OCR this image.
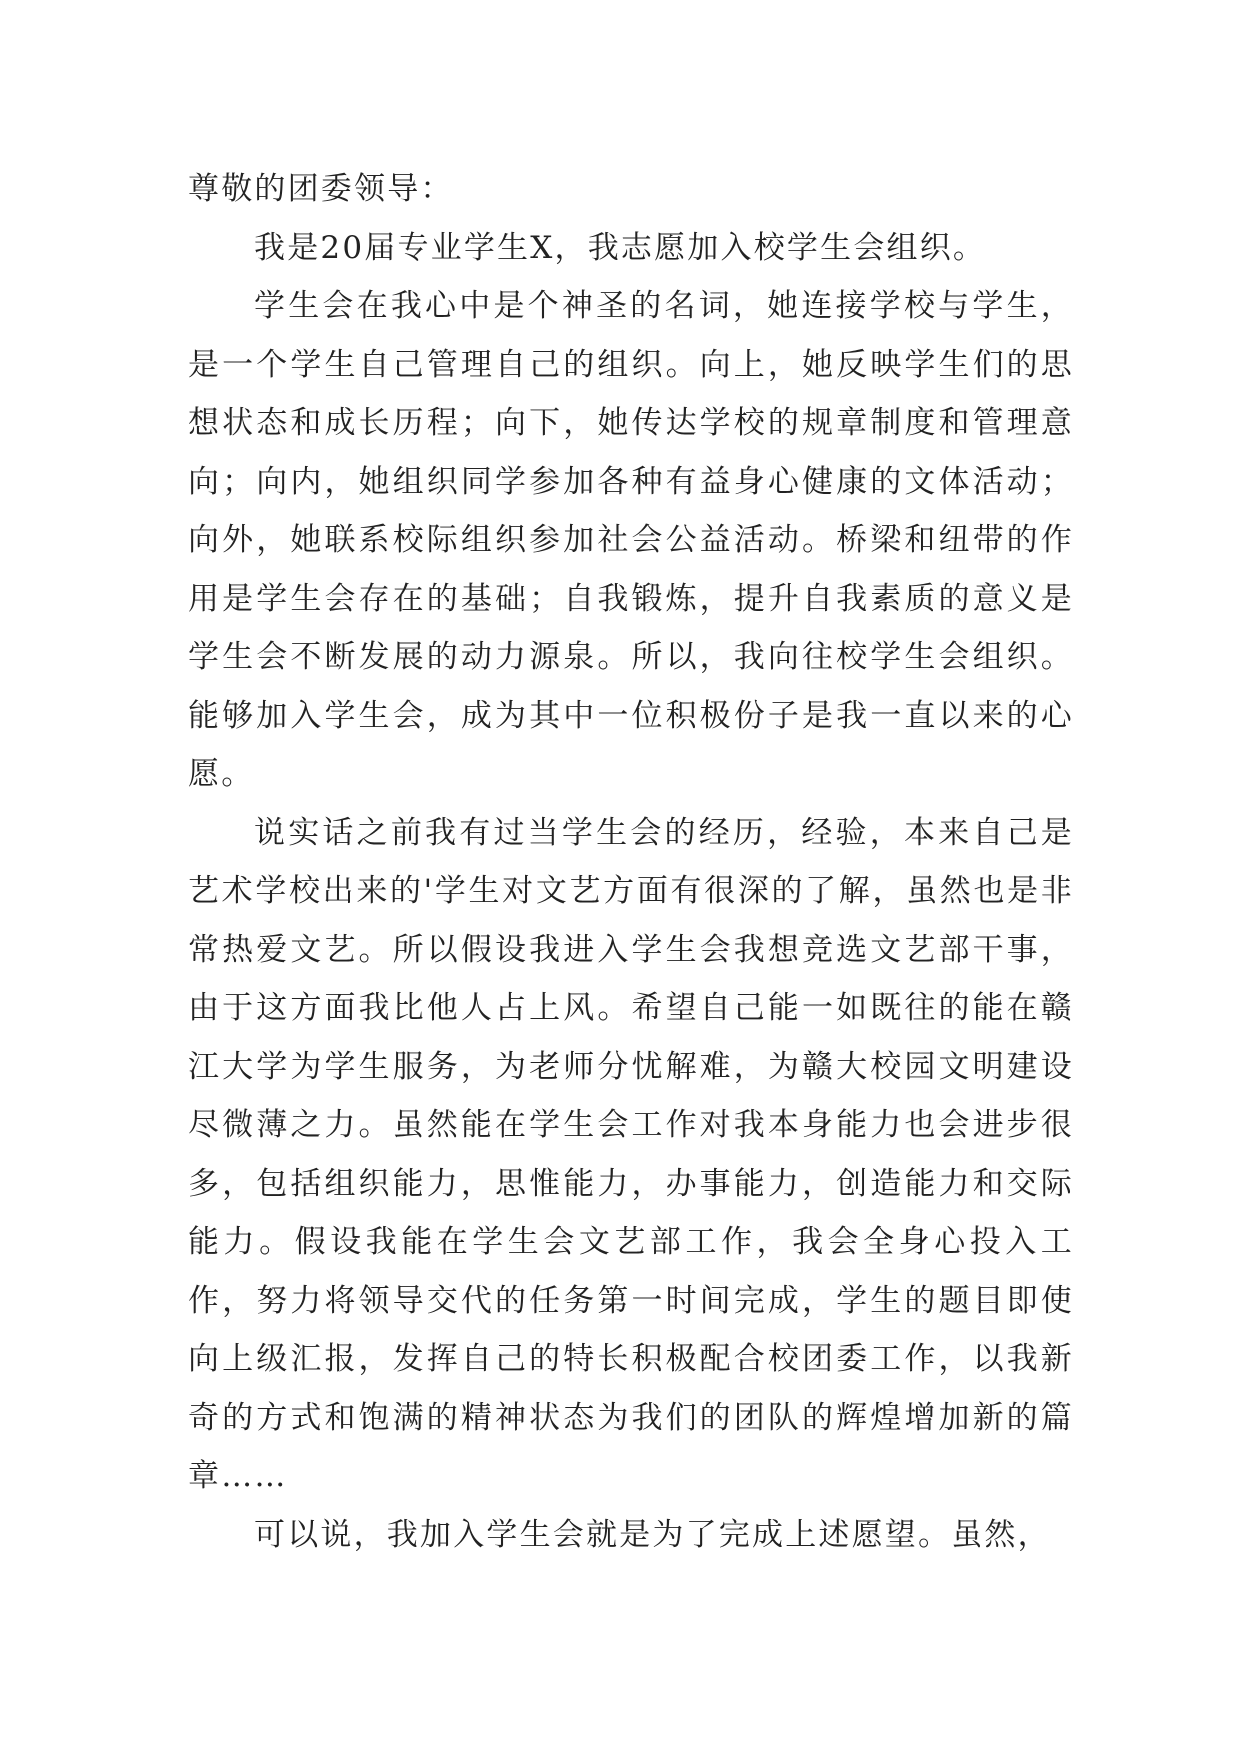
尊敬的团委领导：

我是20届专业学生X，我志愿加入校学生会组织。

学生会在我心中是个神圣的名词，她连接学校与学生，是一个学生自己管理自己的组织。向上，她反映学生们的思想状态和成长历程；向下，她传达学校的规章制度和管理意向；向内，她组织同学参加各种有益身心健康的文体活动；向外，她联系校际组织参加社会公益活动。桥梁和纽带的作用是学生会存在的基础；自我锻炼，提升自我素质的意义是学生会不断发展的动力源泉。所以，我向往校学生会组织。能够加入学生会，成为其中一位积极份子是我一直以来的心愿。

说实话之前我有过当学生会的经历，经验，本来自己是艺术学校出来的'学生对文艺方面有很深的了解，虽然也是非常热爱文艺。所以假设我进入学生会我想竞选文艺部干事，由于这方面我比他人占上风。希望自己能一如既往的能在赣江大学为学生服务，为老师分忧解难，为赣大校园文明建设尽微薄之力。虽然能在学生会工作对我本身能力也会进步很多，包括组织能力，思惟能力，办事能力，创造能力和交际能力。假设我能在学生会文艺部工作，我会全身心投入工作，努力将领导交代的任务第一时间完成，学生的题目即使向上级汇报，发挥自己的特长积极配合校团委工作，以我新奇的方式和饱满的精神状态为我们的团队的辉煌增加新的篇章……

可以说，我加入学生会就是为了完成上述愿望。虽然，
